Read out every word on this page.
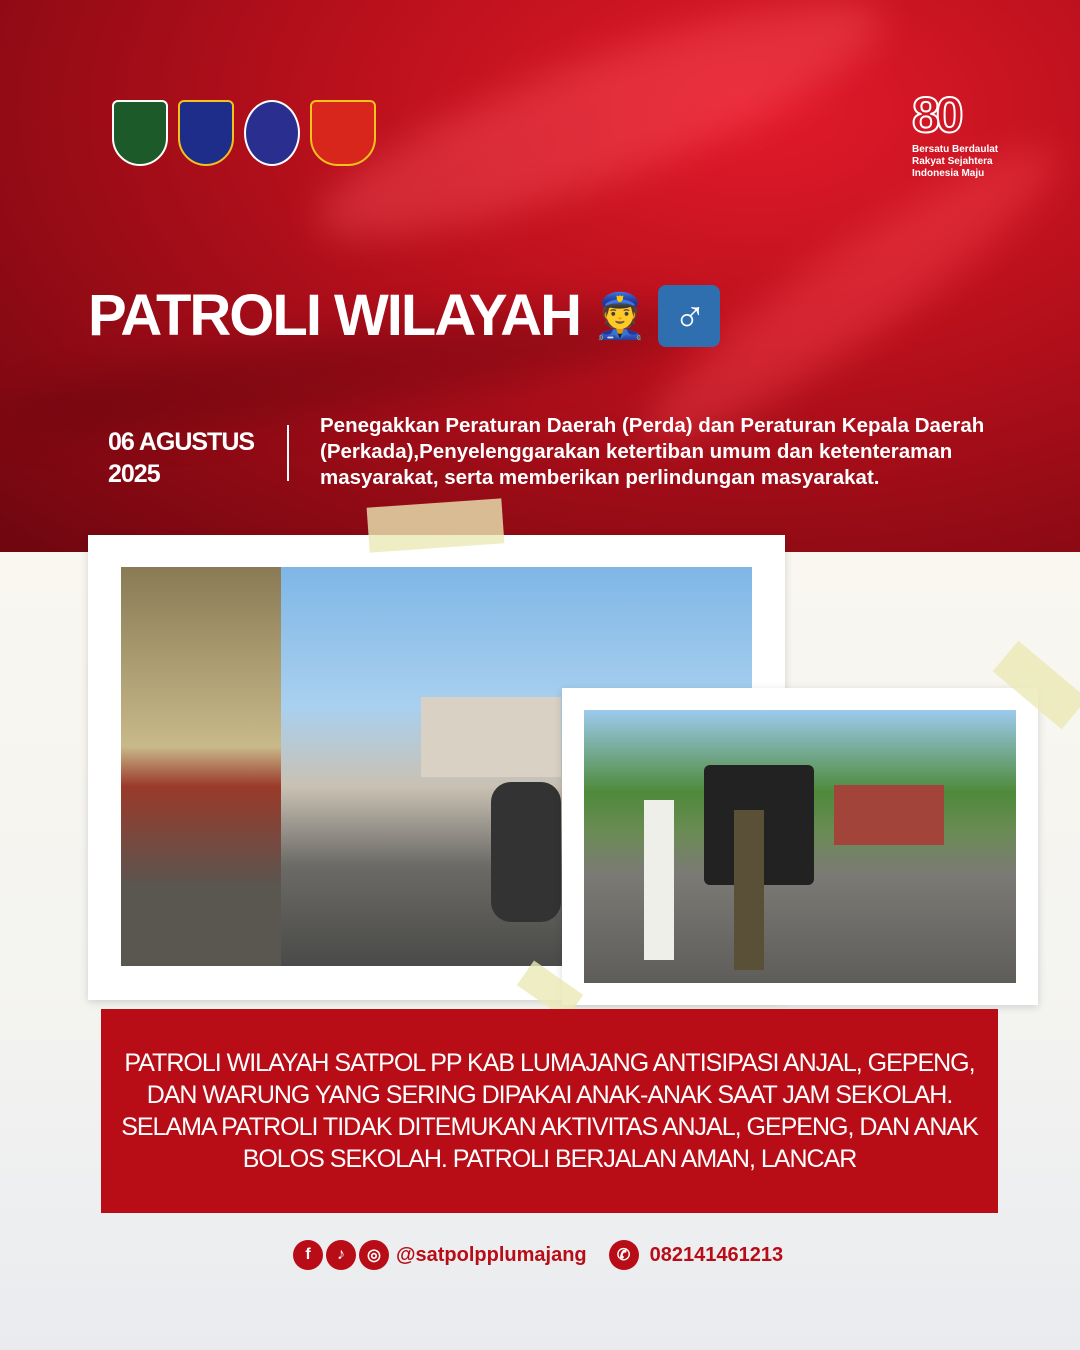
80
Bersatu Berdaulat
Rakyat Sejahtera
Indonesia Maju
PATROLI WILAYAH 👮 ♂
06 AGUSTUS
2025
Penegakkan Peraturan Daerah (Perda) dan Peraturan Kepala Daerah (Perkada),Penyelenggarakan ketertiban umum dan ketenteraman masyarakat, serta memberikan perlindungan masyarakat.
PATROLI WILAYAH SATPOL PP KAB LUMAJANG ANTISIPASI ANJAL, GEPENG, DAN WARUNG YANG SERING DIPAKAI ANAK-ANAK SAAT JAM SEKOLAH. SELAMA PATROLI TIDAK DITEMUKAN AKTIVITAS ANJAL, GEPENG, DAN ANAK BOLOS SEKOLAH. PATROLI BERJALAN AMAN, LANCAR
f	♪	◎ @satpolpplumajang	✆ 082141461213
